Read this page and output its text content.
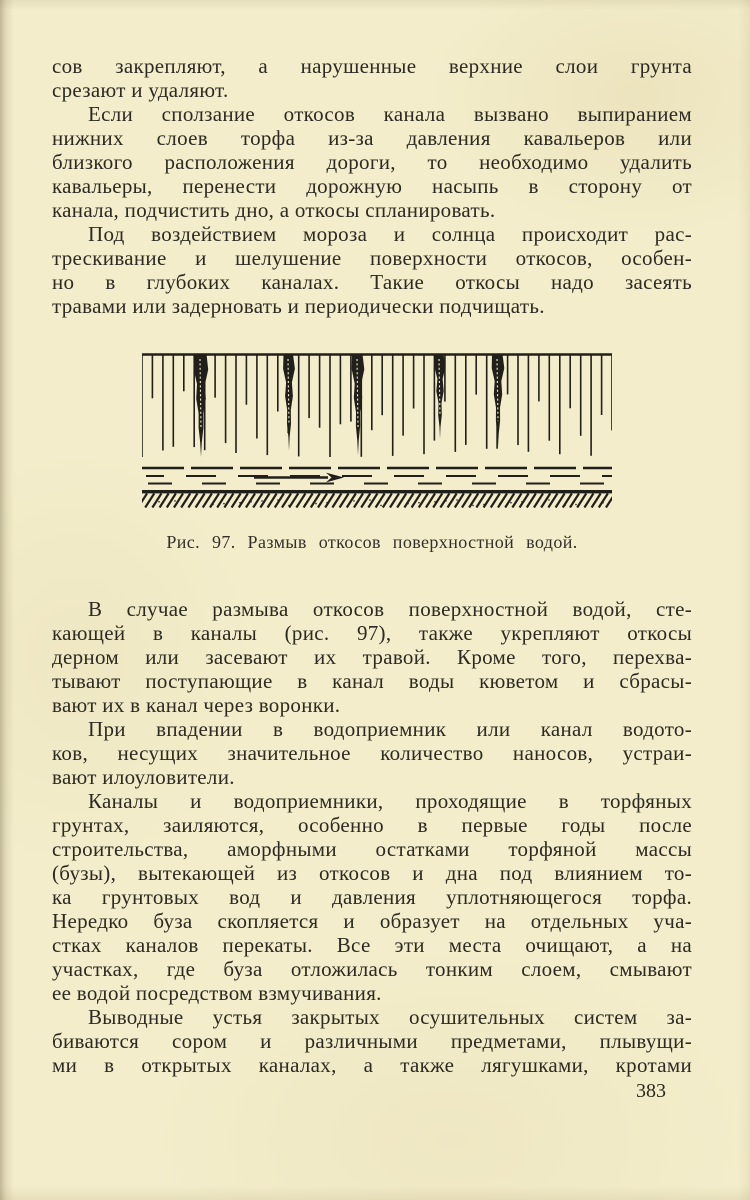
сов закрепляют, а нарушенные верхние слои грунта
срезают и удаляют.
Если сползание откосов канала вызвано выпиранием
нижних слоев торфа из-за давления кавальеров или
близкого расположения дороги, то необходимо удалить
кавальеры, перенести дорожную насыпь в сторону от
канала, подчистить дно, а откосы спланировать.
Под воздействием мороза и солнца происходит рас-
трескивание и шелушение поверхности откосов, особен-
но в глубоких каналах. Такие откосы надо засеять
травами или задерновать и периодически подчищать.
Рис. 97. Размыв откосов поверхностной водой.
В случае размыва откосов поверхностной водой, сте-
кающей в каналы (рис. 97), также укрепляют откосы
дерном или засевают их травой. Кроме того, перехва-
тывают поступающие в канал воды кюветом и сбрасы-
вают их в канал через воронки.
При впадении в водоприемник или канал водото-
ков, несущих значительное количество наносов, устраи-
вают илоуловители.
Каналы и водоприемники, проходящие в торфяных
грунтах, заиляются, особенно в первые годы после
строительства, аморфными остатками торфяной массы
(бузы), вытекающей из откосов и дна под влиянием то-
ка грунтовых вод и давления уплотняющегося торфа.
Нередко буза скопляется и образует на отдельных уча-
стках каналов перекаты. Все эти места очищают, а на
участках, где буза отложилась тонким слоем, смывают
ее водой посредством взмучивания.
Выводные устья закрытых осушительных систем за-
биваются сором и различными предметами, плывущи-
ми в открытых каналах, а также лягушками, кротами
383
